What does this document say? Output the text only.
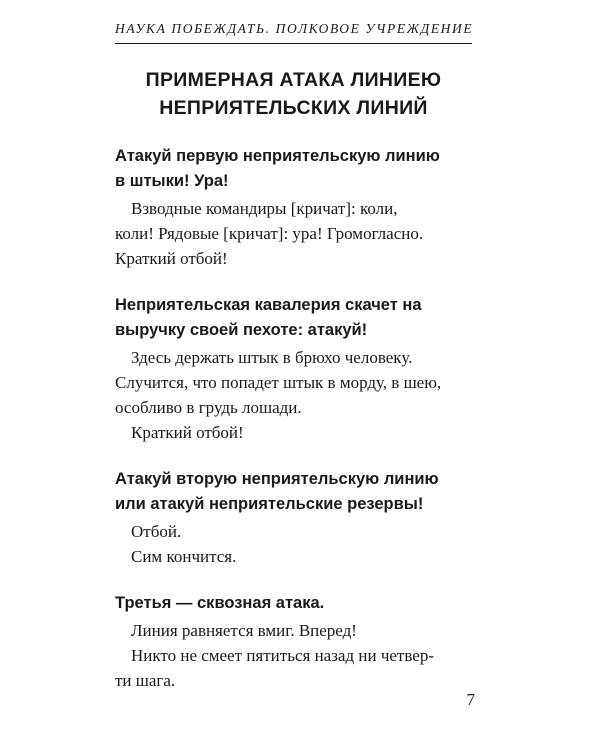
НАУКА ПОБЕЖДАТЬ. ПОЛКОВОЕ УЧРЕЖДЕНИЕ
ПРИМЕРНАЯ АТАКА ЛИНИЕЮ
НЕПРИЯТЕЛЬСКИХ ЛИНИЙ
Атакуй первую неприятельскую линию
в штыки! Ура!
Взводные командиры [кричат]: коли,
коли! Рядовые [кричат]: ура! Громогласно.
Краткий отбой!
Неприятельская кавалерия скачет на
выручку своей пехоте: атакуй!
Здесь держать штык в брюхо человеку.
Случится, что попадет штык в морду, в шею,
особливо в грудь лошади.
Краткий отбой!
Атакуй вторую неприятельскую линию
или атакуй неприятельские резервы!
Отбой.
Сим кончится.
Третья — сквозная атака.
Линия равняется вмиг. Вперед!
Никто не смеет пятиться назад ни четвер-
ти шага.
7
